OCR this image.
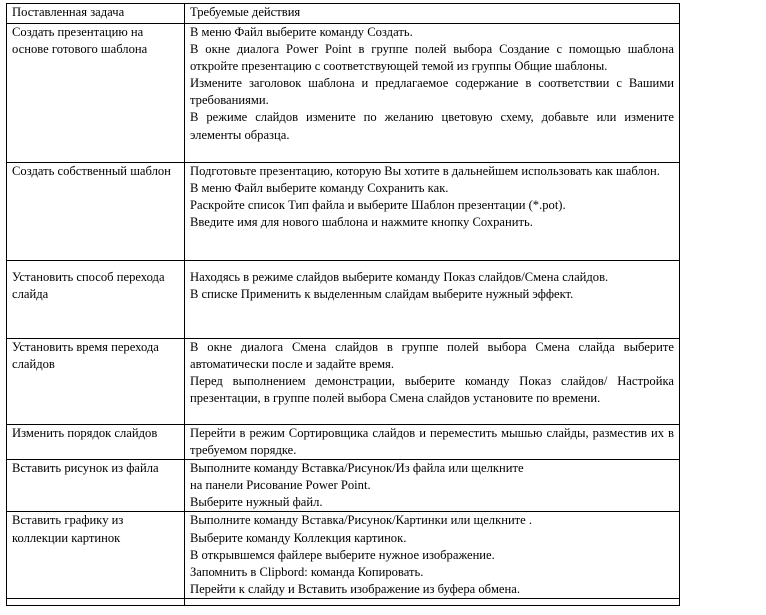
Поставленная задача	Требуемые действия
Создать презентацию на основе готового шаблона	В меню Файл выберите команду Создать.

В окне диалога Power Point в группе полей выбора Создание с помощью шаблона откройте презентацию с соответствующей темой из группы Общие шаблоны.

Измените заголовок шаблона и предлагаемое содержание в соответствии с Вашими требованиями.

В режиме слайдов измените по желанию цветовую схему, добавьте или измените элементы образца.

Создать собственный шаблон	Подготовьте презентацию, которую Вы хотите в дальнейшем использовать как шаблон.

В меню Файл выберите команду Сохранить как.

Раскройте список Тип файла и выберите Шаблон презентации (*.pot).

Введите имя для нового шаблона и нажмите кнопку Сохранить.

Установить способ перехода слайда	Находясь в режиме слайдов выберите команду Показ слайдов/Смена слайдов.

В списке Применить к выделенным слайдам выберите нужный эффект.

Установить время перехода слайдов	В окне диалога Смена слайдов в группе полей выбора Смена слайда выберите автоматически после и задайте время.

Перед выполнением демонстрации, выберите команду Показ слайдов/ Настройка презентации, в группе полей выбора Смена слайдов установите по времени.

Изменить порядок слайдов	Перейти в режим Сортировщика слайдов и переместить мышью слайды, разместив их в требуемом порядке.

Вставить рисунок из файла	Выполните команду Вставка/Рисунок/Из файла или щелкните
на панели Рисование Power Point.
Выберите нужный файл.

Вставить графику из коллекции картинок	Выполните команду Вставка/Рисунок/Картинки или щелкните .
Выберите команду Коллекция картинок.
В открывшемся файлере выберите нужное изображение.
Запомнить в Clipbord: команда Копировать.
Перейти к слайду и Вставить изображение из буфера обмена.
